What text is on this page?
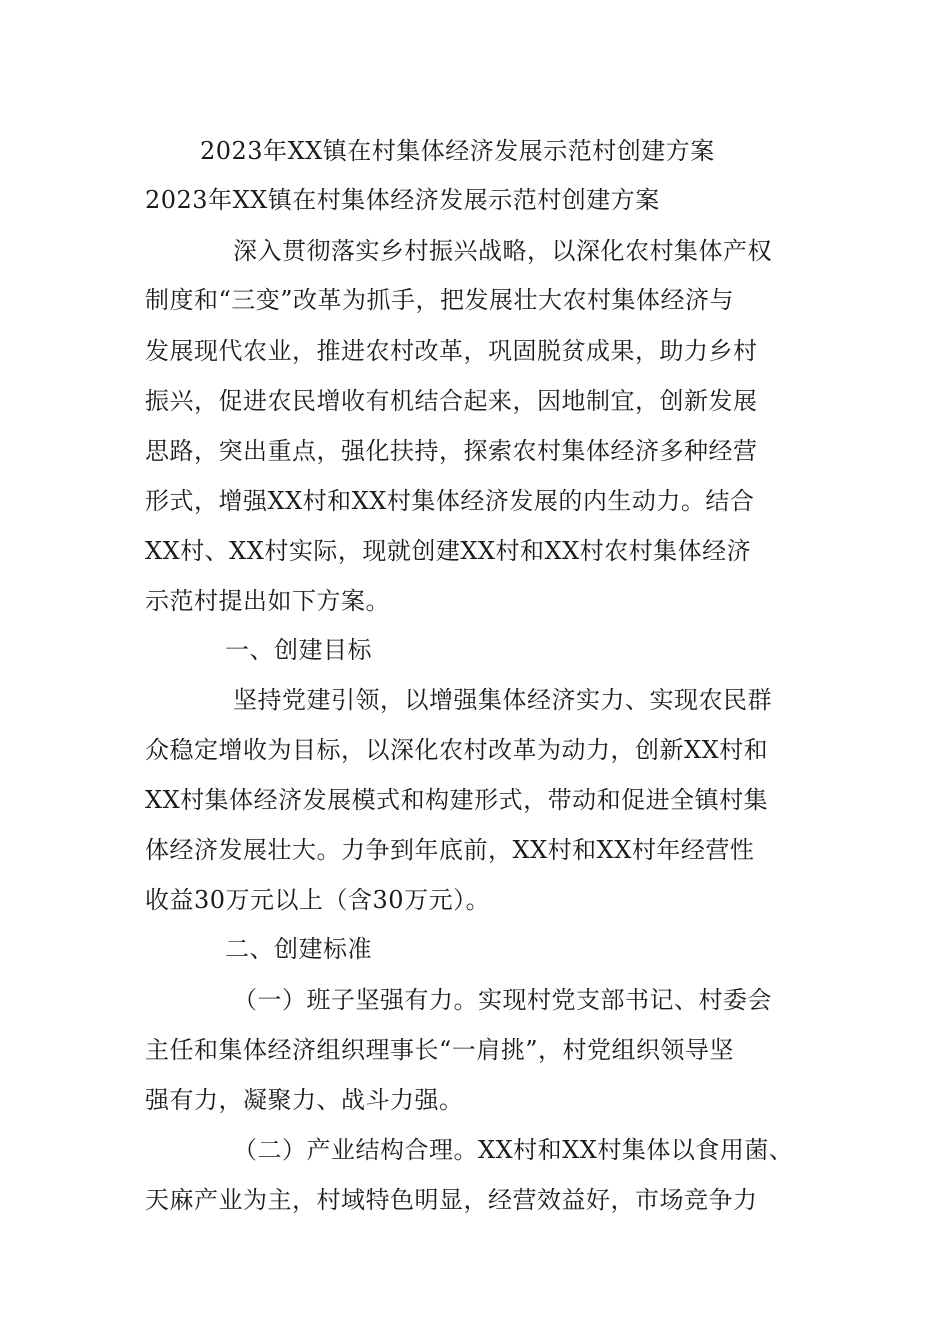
2023年XX镇在村集体经济发展示范村创建方案
2023年XX镇在村集体经济发展示范村创建方案
深入贯彻落实乡村振兴战略，以深化农村集体产权
制度和“三变”改革为抓手，把发展壮大农村集体经济与
发展现代农业，推进农村改革，巩固脱贫成果，助力乡村
振兴，促进农民增收有机结合起来，因地制宜，创新发展
思路，突出重点，强化扶持，探索农村集体经济多种经营
形式，增强XX村和XX村集体经济发展的内生动力。结合
XX村、XX村实际，现就创建XX村和XX村农村集体经济
示范村提出如下方案。
一、创建目标
坚持党建引领，以增强集体经济实力、实现农民群
众稳定增收为目标，以深化农村改革为动力，创新XX村和
XX村集体经济发展模式和构建形式，带动和促进全镇村集
体经济发展壮大。力争到年底前，XX村和XX村年经营性
收益30万元以上（含30万元）。
二、创建标准
（一）班子坚强有力。实现村党支部书记、村委会
主任和集体经济组织理事长“一肩挑”，村党组织领导坚
强有力，凝聚力、战斗力强。
（二）产业结构合理。XX村和XX村集体以食用菌、
天麻产业为主，村域特色明显，经营效益好，市场竞争力
